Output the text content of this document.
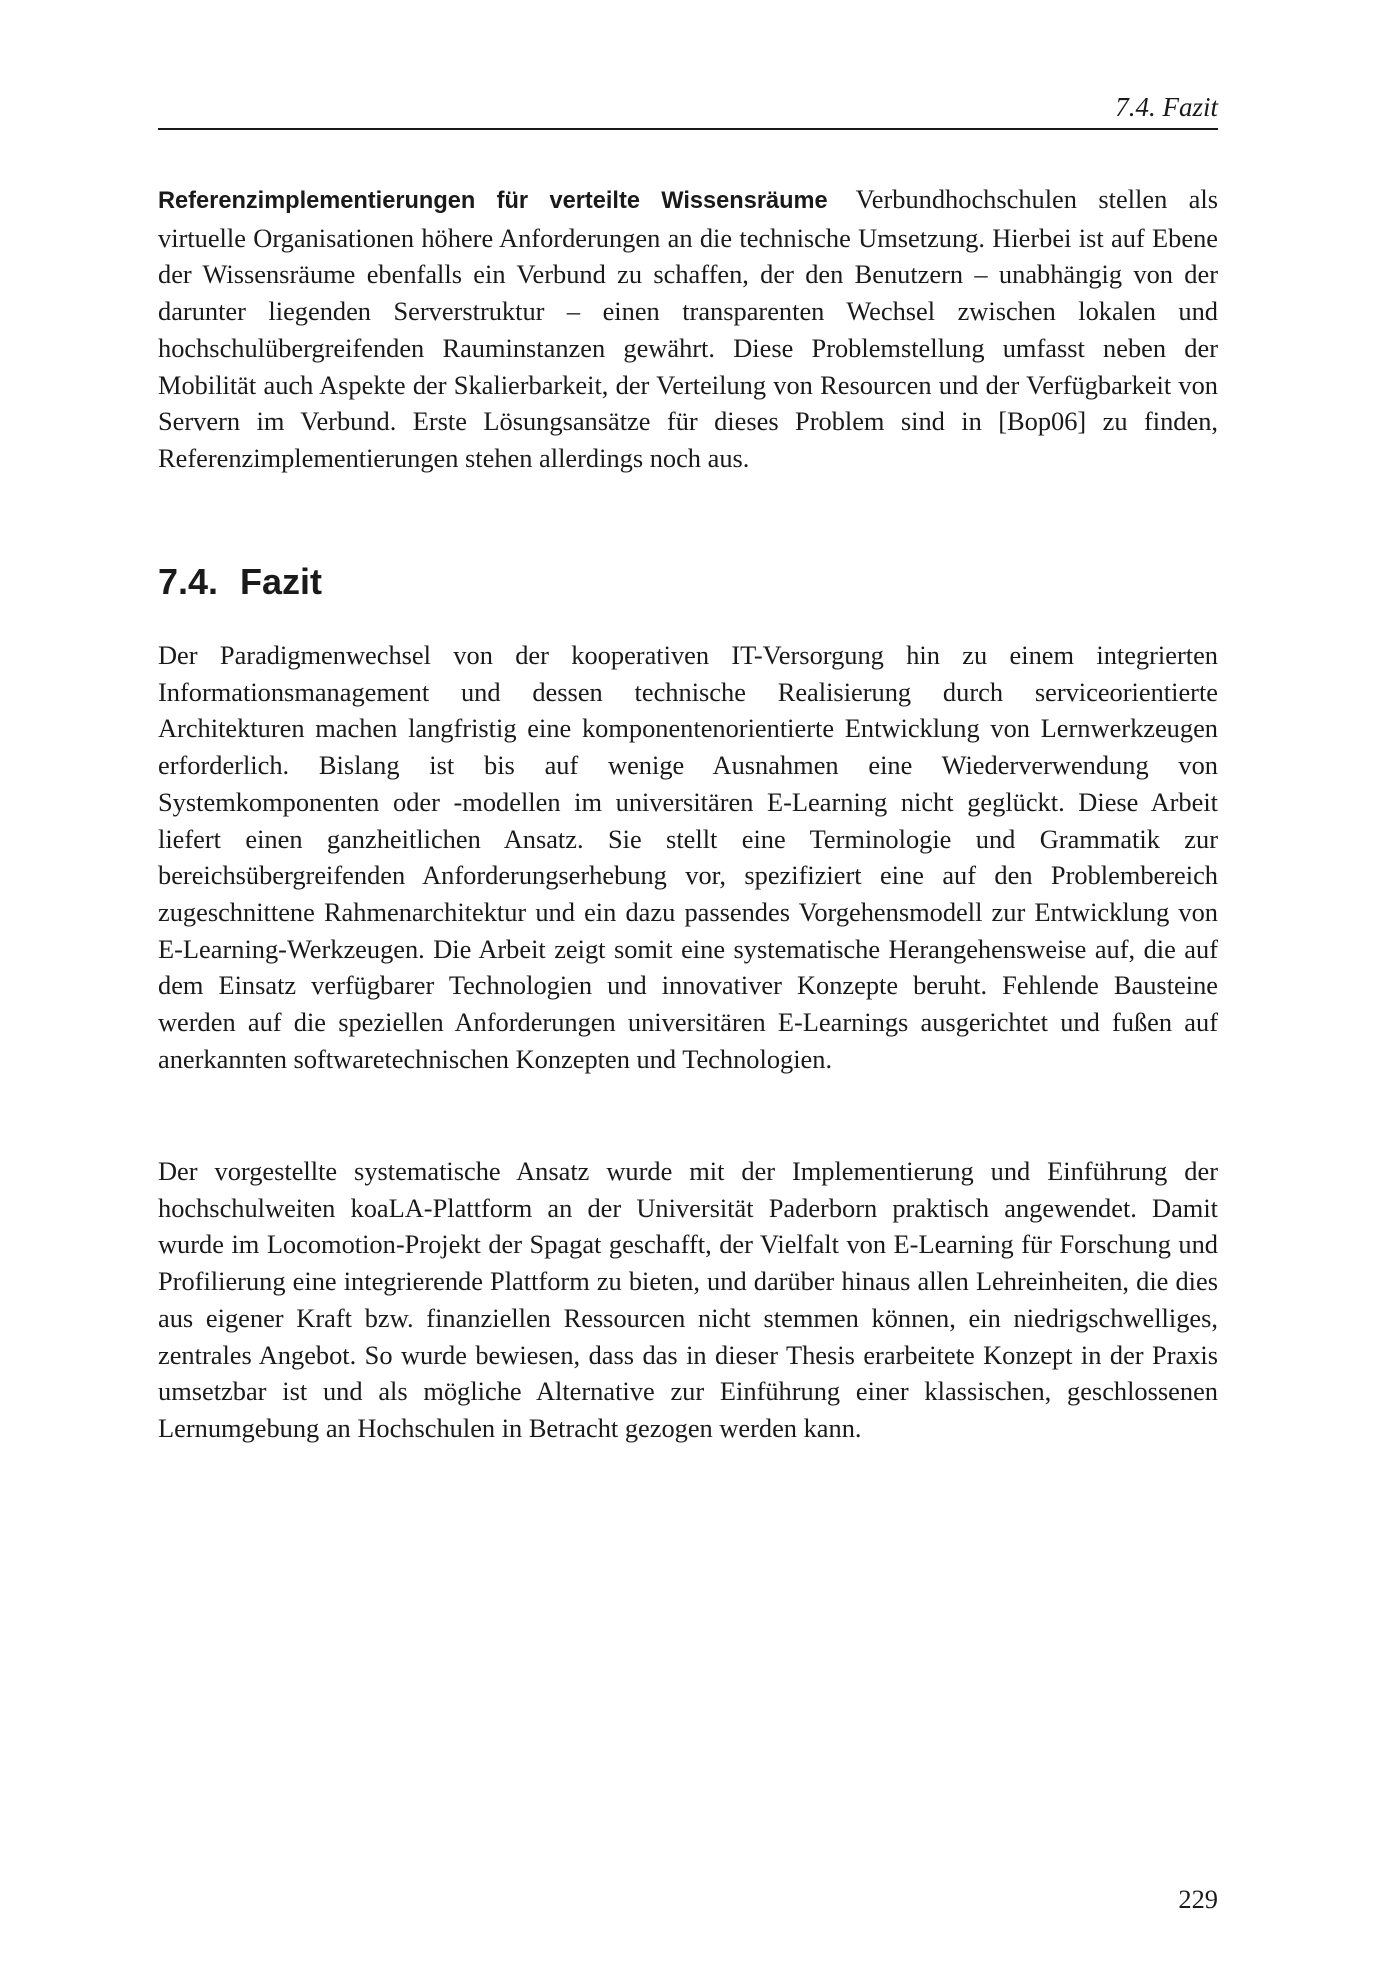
7.4. Fazit

Referenzimplementierungen für verteilte Wissensräume Verbundhochschulen stellen als virtuelle Organisationen höhere Anforderungen an die technische Umsetzung. Hierbei ist auf Ebene der Wissensräume ebenfalls ein Verbund zu schaffen, der den Benutzern – unabhängig von der darunter liegenden Serverstruktur – einen transparenten Wechsel zwischen lokalen und hochschulübergreifenden Rauminstanzen gewährt. Diese Problemstellung umfasst neben der Mobilität auch Aspekte der Skalierbarkeit, der Verteilung von Resourcen und der Verfügbarkeit von Servern im Verbund. Erste Lösungsansätze für dieses Problem sind in [Bop06] zu finden, Referenzimplementierungen stehen allerdings noch aus.

7.4. Fazit

Der Paradigmenwechsel von der kooperativen IT-Versorgung hin zu einem integrierten Informationsmanagement und dessen technische Realisierung durch serviceorientierte Architekturen machen langfristig eine komponentenorientierte Entwicklung von Lernwerkzeugen erforderlich. Bislang ist bis auf wenige Ausnahmen eine Wiederverwendung von Systemkomponenten oder -modellen im universitären E-Learning nicht geglückt. Diese Arbeit liefert einen ganzheitlichen Ansatz. Sie stellt eine Terminologie und Grammatik zur bereichsübergreifenden Anforderungserhebung vor, spezifiziert eine auf den Problembereich zugeschnittene Rahmenarchitektur und ein dazu passendes Vorgehensmodell zur Entwicklung von E-Learning-Werkzeugen. Die Arbeit zeigt somit eine systematische Herangehensweise auf, die auf dem Einsatz verfügbarer Technologien und innovativer Konzepte beruht. Fehlende Bausteine werden auf die speziellen Anforderungen universitären E-Learnings ausgerichtet und fußen auf anerkannten softwaretechnischen Konzepten und Technologien.

Der vorgestellte systematische Ansatz wurde mit der Implementierung und Einführung der hochschulweiten koaLA-Plattform an der Universität Paderborn praktisch angewendet. Damit wurde im Locomotion-Projekt der Spagat geschafft, der Vielfalt von E-Learning für Forschung und Profilierung eine integrierende Plattform zu bieten, und darüber hinaus allen Lehreinheiten, die dies aus eigener Kraft bzw. finanziellen Ressourcen nicht stemmen können, ein niedrigschwelliges, zentrales Angebot. So wurde bewiesen, dass das in dieser Thesis erarbeitete Konzept in der Praxis umsetzbar ist und als mögliche Alternative zur Einführung einer klassischen, geschlossenen Lernumgebung an Hochschulen in Betracht gezogen werden kann.

229
